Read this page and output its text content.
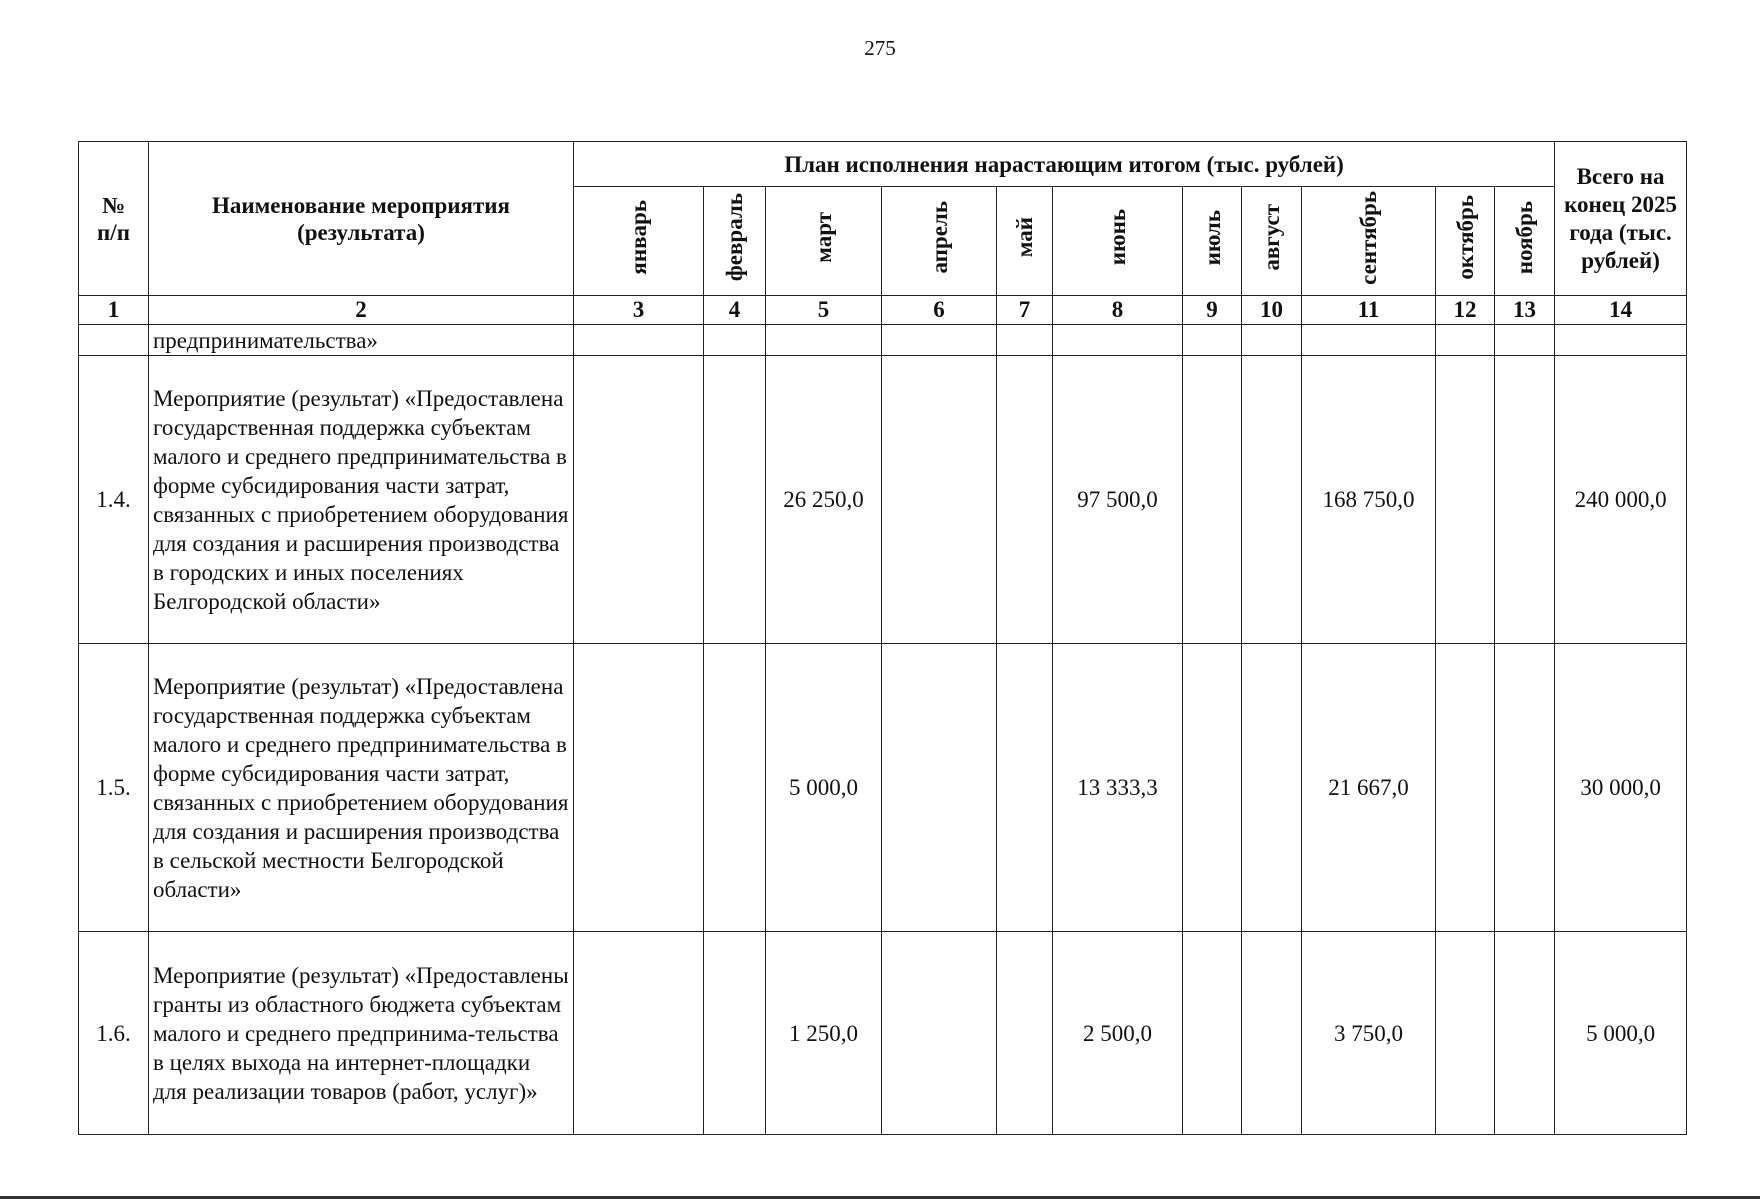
275
№
п/п	Наименование мероприятия (результата)	План исполнения нарастающим итогом (тыс. рублей)											Всего на конец 2025 года (тыс. рублей)
		январь	февраль	март	апрель	май	июнь	июль	август	сентябрь	октябрь	ноябрь	
1	2	3	4	5	6	7	8	9	10	11	12	13	14
	предпринимательства»												
1.4.	Мероприятие (результат) «Предоставлена государственная поддержка субъектам малого и среднего предпринимательства в форме субсидирования части затрат, связанных с приобретением оборудования для создания и расширения производства в городских и иных поселениях Белгородской области»			26 250,0			97 500,0			168 750,0			240 000,0
1.5.	Мероприятие (результат) «Предоставлена государственная поддержка субъектам малого и среднего предпринимательства в форме субсидирования части затрат, связанных с приобретением оборудования для создания и расширения производства в сельской местности Белгородской области»			5 000,0			13 333,3			21 667,0			30 000,0
1.6.	Мероприятие (результат) «Предоставлены гранты из областного бюджета субъектам малого и среднего предпринима-тельства в целях выхода на интернет-площадки для реализации товаров (работ, услуг)»			1 250,0			2 500,0			3 750,0			5 000,0
